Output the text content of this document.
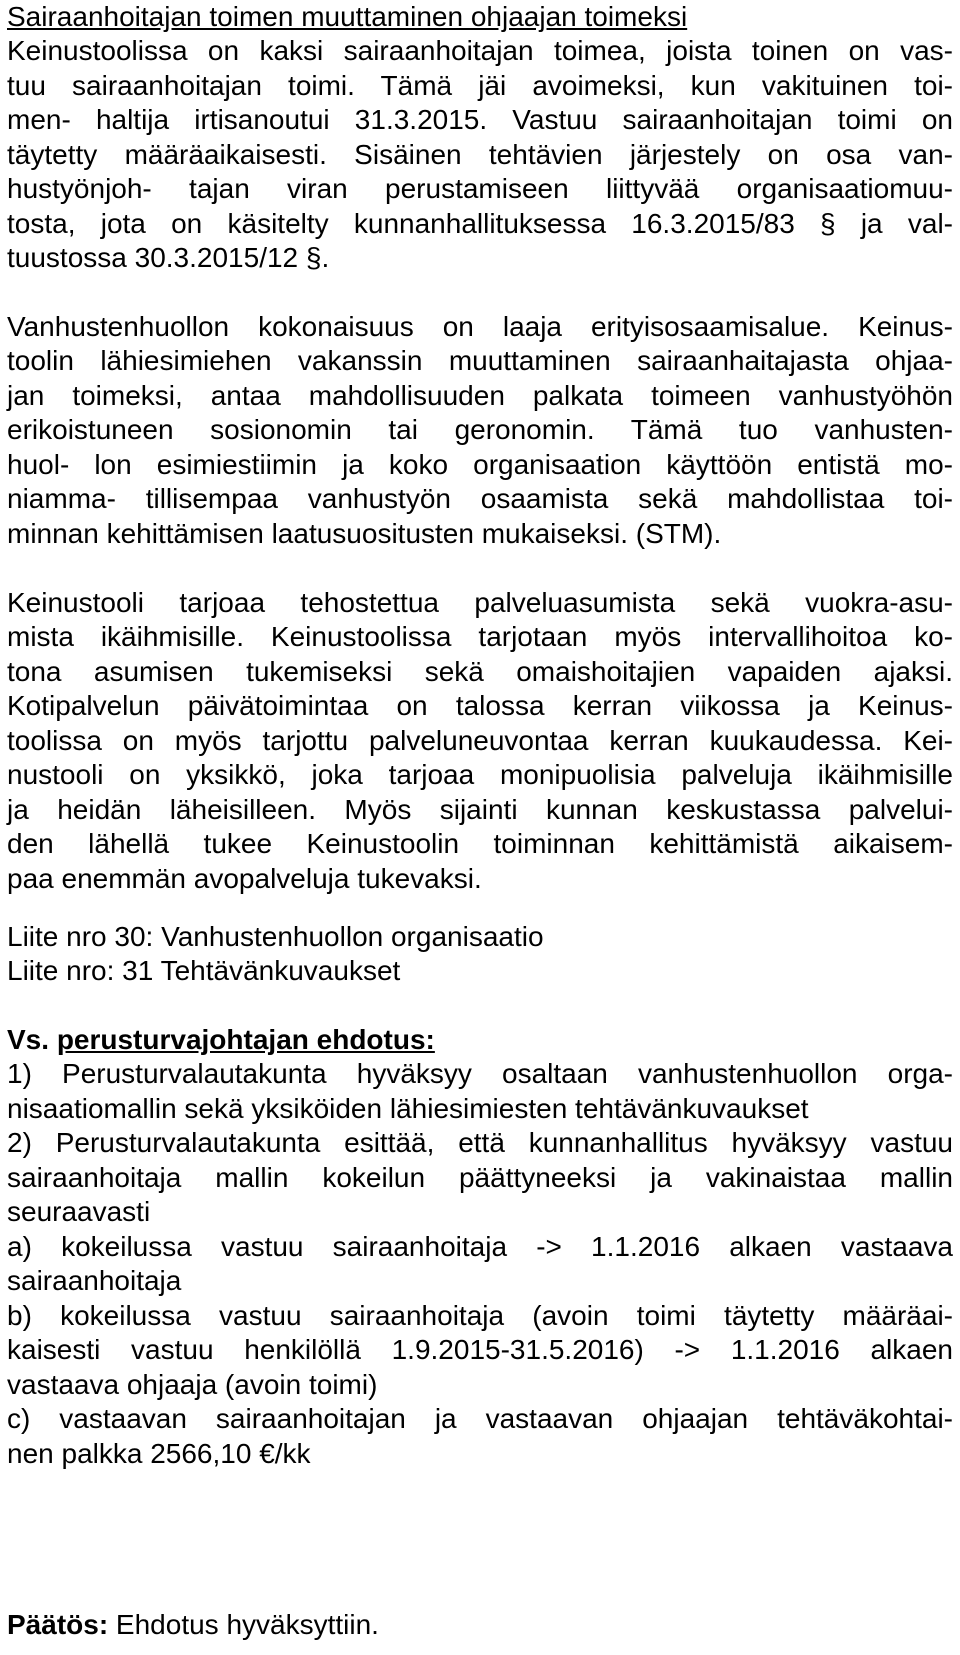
Sairaanhoitajan toimen muuttaminen ohjaajan toimeksi
Keinustoolissa on kaksi sairaanhoitajan toimea, joista toinen on vas-
tuu sairaanhoitajan toimi. Tämä jäi avoimeksi, kun vakituinen toi-
men- haltija irtisanoutui 31.3.2015. Vastuu sairaanhoitajan toimi on
täytetty määräaikaisesti. Sisäinen tehtävien järjestely on osa van-
hustyönjoh- tajan viran perustamiseen liittyvää organisaatiomuu-
tosta, jota on käsitelty kunnanhallituksessa 16.3.2015/83 § ja val-
tuustossa 30.3.2015/12 §.
Vanhustenhuollon kokonaisuus on laaja erityisosaamisalue. Keinus-
toolin lähiesimiehen vakanssin muuttaminen sairaanhaitajasta ohjaa-
jan toimeksi, antaa mahdollisuuden palkata toimeen vanhustyöhön
erikoistuneen sosionomin tai geronomin. Tämä tuo vanhusten-
huol- lon esimiestiimin ja koko organisaation käyttöön entistä mo-
niamma- tillisempaa vanhustyön osaamista sekä mahdollistaa toi-
minnan kehittämisen laatusuositusten mukaiseksi. (STM).
Keinustooli tarjoaa tehostettua palveluasumista sekä vuokra-asu-
mista ikäihmisille. Keinustoolissa tarjotaan myös intervallihoitoa ko-
tona asumisen tukemiseksi sekä omaishoitajien vapaiden ajaksi.
Kotipalvelun päivätoimintaa on talossa kerran viikossa ja Keinus-
toolissa on myös tarjottu palveluneuvontaa kerran kuukaudessa. Kei-
nustooli on yksikkö, joka tarjoaa monipuolisia palveluja ikäihmisille
ja heidän läheisilleen. Myös sijainti kunnan keskustassa palvelui-
den lähellä tukee Keinustoolin toiminnan kehittämistä aikaisem-
paa enemmän avopalveluja tukevaksi.
Liite nro 30: Vanhustenhuollon organisaatio
Liite nro: 31 Tehtävänkuvaukset
Vs. perusturvajohtajan ehdotus:
1) Perusturvalautakunta hyväksyy osaltaan vanhustenhuollon orga-
nisaatiomallin sekä yksiköiden lähiesimiesten tehtävänkuvaukset
2) Perusturvalautakunta esittää, että kunnanhallitus hyväksyy vastuu
sairaanhoitaja mallin kokeilun päättyneeksi ja vakinaistaa mallin
seuraavasti
a) kokeilussa vastuu sairaanhoitaja -> 1.1.2016 alkaen vastaava
sairaanhoitaja
b) kokeilussa vastuu sairaanhoitaja (avoin toimi täytetty määräai-
kaisesti vastuu henkilöllä 1.9.2015-31.5.2016) -> 1.1.2016 alkaen
vastaava ohjaaja (avoin toimi)
c) vastaavan sairaanhoitajan ja vastaavan ohjaajan tehtäväkohtai-
nen palkka 2566,10 €/kk
Päätös: Ehdotus hyväksyttiin.
